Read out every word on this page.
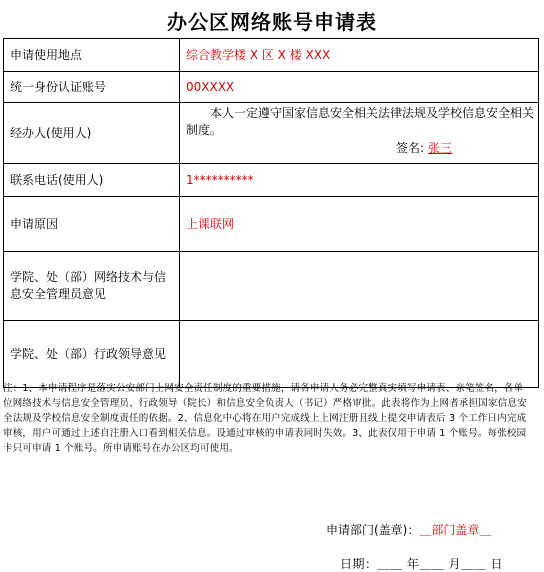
办公区网络账号申请表
申请使用地点	综合教学楼 X 区 X 楼 XXX
统一身份认证账号	00XXXX
经办人(使用人)	本人一定遵守国家信息安全相关法律法规及学校信息安全相关制度。
签名: 张三

联系电话(使用人)	1**********
申请原因	上课联网
学院、处（部）网络技术与信息安全管理员意见	
学院、处（部）行政领导意见	
注：1、本申请程序是落实公安部门上网安全责任制度的重要措施，请各申请人务必完整真实填写申请表、亲笔签名，各单位网络技术与信息安全管理员、行政领导（院长）和信息安全负责人（书记）严格审批。此表将作为上网者承担国家信息安全法规及学校信息安全制度责任的依据。2、信息化中心将在用户完成线上上网注册且线上提交申请表后 3 个工作日内完成审核，用户可通过上述自注册入口看到相关信息。设通过审核的申请表同时失效。3、此表仅用于申请 1 个账号。每张校园卡只可申请 1 个账号。所申请账号在办公区均可使用。
申请部门(盖章)：＿部门盖章＿
日期：＿＿ 年＿＿ 月＿＿ 日
